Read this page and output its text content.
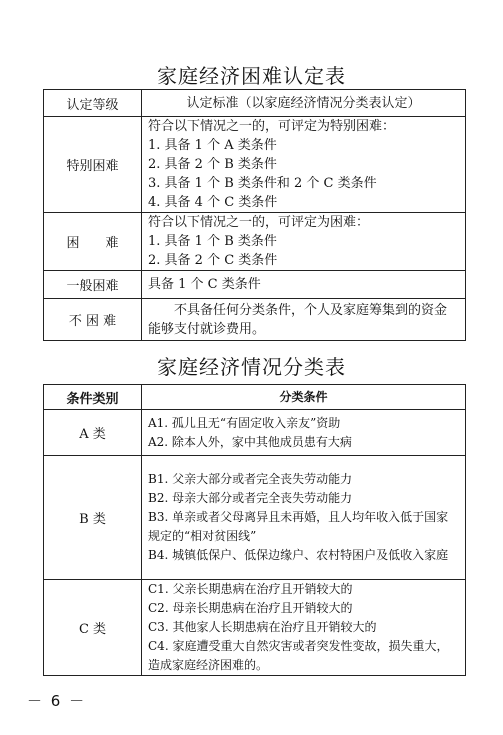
家庭经济困难认定表
认定等级	认定标准（以家庭经济情况分类表认定）
特别困难	符合以下情况之一的，可评定为特别困难：
1. 具备 1 个 A 类条件
2. 具备 2 个 B 类条件
3. 具备 1 个 B 类条件和 2 个 C 类条件
4. 具备 4 个 C 类条件

困　　难	符合以下情况之一的，可评定为困难：
1. 具备 1 个 B 类条件
2. 具备 2 个 C 类条件

一般困难	具备 1 个 C 类条件

不 困 难	不具备任何分类条件，个人及家庭筹集到的资金能够支付就诊费用。
家庭经济情况分类表
条件类别	分类条件
A 类	A1. 孤儿且无“有固定收入亲友”资助
A2. 除本人外，家中其他成员患有大病

B 类	B1. 父亲大部分或者完全丧失劳动能力
B2. 母亲大部分或者完全丧失劳动能力
B3. 单亲或者父母离异且未再婚，且人均年收入低于国家规定的“相对贫困线”
B4. 城镇低保户、低保边缘户、农村特困户及低收入家庭

C 类	C1. 父亲长期患病在治疗且开销较大的
C2. 母亲长期患病在治疗且开销较大的
C3. 其他家人长期患病在治疗且开销较大的
C4. 家庭遭受重大自然灾害或者突发性变故，损失重大，造成家庭经济困难的。
－ 6 －
